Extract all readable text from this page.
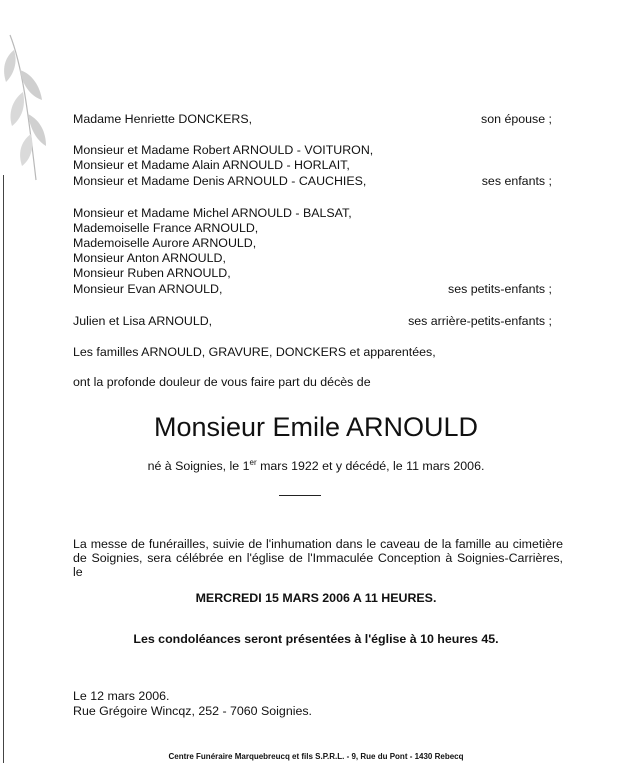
Madame Henriette DONCKERS,	son épouse ;
Monsieur et Madame Robert ARNOULD - VOITURON,
Monsieur et Madame Alain ARNOULD - HORLAIT,
Monsieur et Madame Denis ARNOULD - CAUCHIES,	ses enfants ;
Monsieur et Madame Michel ARNOULD - BALSAT,
Mademoiselle France ARNOULD,
Mademoiselle Aurore ARNOULD,
Monsieur Anton ARNOULD,
Monsieur Ruben ARNOULD,
Monsieur Evan ARNOULD,	ses petits-enfants ;
Julien et Lisa ARNOULD,	ses arrière-petits-enfants ;
Les familles ARNOULD, GRAVURE, DONCKERS et apparentées,
ont la profonde douleur de vous faire part du décès de
Monsieur Emile ARNOULD
né à Soignies, le 1er mars 1922 et y décédé, le 11 mars 2006.
La messe de funérailles, suivie de l'inhumation dans le caveau de la famille au cimetière de Soignies, sera célébrée en l'église de l'Immaculée Conception à Soignies-Carrières, le
MERCREDI 15 MARS 2006 A 11 HEURES.
Les condoléances seront présentées à l'église à 10 heures 45.
Le 12 mars 2006.
Rue Grégoire Wincqz, 252 - 7060 Soignies.
Centre Funéraire Marquebreucq et fils S.P.R.L. - 9, Rue du Pont - 1430 Rebecq
